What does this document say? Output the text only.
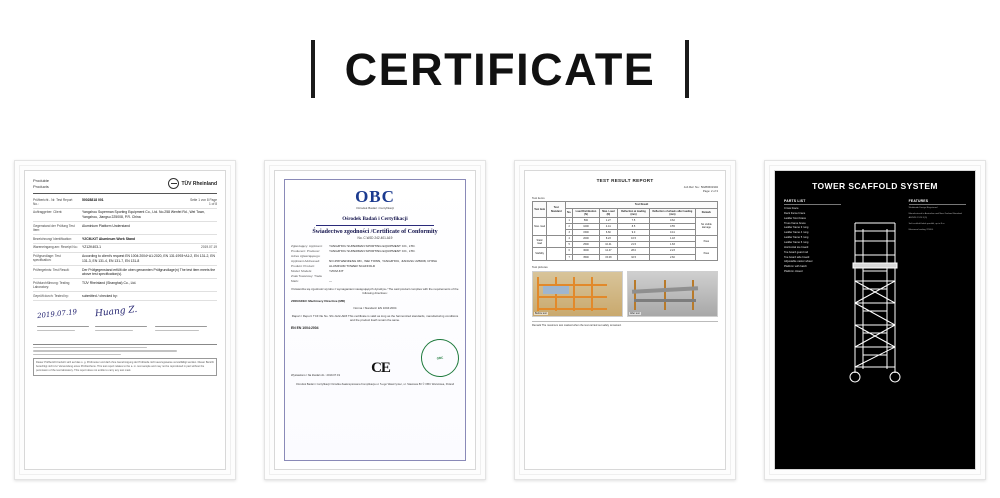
CERTIFICATE
Produkte
Products	TÜV Rheinland
Prüfbericht - Nr. Test Report No.:
50028818 001	Seite 1 von 8 Page 1 of 8
Auftraggeber: Client:	Yangzhou Superman Sporting Equipment Co., Ltd. No.258 Wenfei Rd., Wei Town, Yangzhou, Jiangsu 225008, P.R. China
Gegenstand der Prüfung Test Item:
Aluminium Platform Understand
Bezeichnung/ Identification:	Y2CM-KIT Aluminum Work Stand
Wareneingang am: Receipt No.: YZ12K403-1	2019.07.19
Prüfgrundlage: Test specification:
According to client's request EN 1004:2004+A1:2020, EN 131:1993+A1:2, EN 131-2, EN 131-3, EN 131-4, EN 131-7, EN 131-8
Prüfergebnis: Test Result:	Der Prüfgegenstand erfüllt die oben genannten Prüfgrundlage(n) The test item meets the above test specification(s).
Prüfdurchführung: Testing Laboratory:
TÜV Rheinland (Shanghai) Co., Ltd.
Geprüft durch: Tested by:	submitted / checked by:
2019.07.19 Huang Z.
Dieser Prüfbericht bezieht sich auf das o. g. Prüfmuster und darf ohne Genehmigung der Prüfstelle nicht auszugsweise vervielfältigt werden. Dieser Bericht berechtigt nicht zur Verwendung eines Prüfzeichens. This test report relates to the a. m. test sample and may not be reproduced in part without the permission of the test laboratory. This report does not entitle to carry any test mark.
OBC
Ośrodek Badań i Certyfikacji
Ośrodek Badań i Certyfikacji
Świadectwo zgodności /Certificate of Conformity
No. C.WJD 242.401.A19
Zgłaszający: Applicant: YANGZHOU SUPERMAN SPORTING EQUIPMENT CO., LTD.
Producent: Producer:	YANGZHOU SUPERMAN SPORTING EQUIPMENT CO., LTD.
Adres zgłaszającego: Applicant Addressed:	NO.258 WENFENG RD., WEI TOWN, YANGZHOU, JIANGSU 225008, CHINA
Produkt: Product:	ALUMINUM TOWER SCAFFOLD
Model: Models:	YZCM-KIT
Znak Towarowy: Trade Mark:	---
Potwierdza się zgodność wyrobu z wymaganiami następujących dyrektyw / The said product complies with the requirements of the following directives:
2006/42/EC Machinery Directive (MD)
Norma / Standard: EN 1004:2004
Raport / Report: TCF file No. SN-JL22-ARZ This certificate is valid as long as the harmonized standards, manufacturing conditions and the product itself remain the same.
EN EN 1004:2004
Wystawiono / Na Zwołań dn.: 2019.07.19 CE
OBC
Ośrodek Badań i Certyfikacji Ośrodka Zaakceptowana Komplikacja ul. 5-ego Wawrzyniec, ul. Stawowa 80 © OBC Warszawa, Poland
TEST RESULT REPORT
Job Ref. No.: 50280601904
Page: 2 of 3
Test items
Test item	Test Standard	Test Result					
		No.	Load Distribution (N)	Max. Load (N)	Deflection at loading (mm)	Deflection of wheels after loading (mm)	Remark
Max. load		1	500	1.27	7.5	0.62	No visible damage
		2	1000	4.41	8.5	0.55	
		3	1500	6.60	9.0	0.41	
Static load		4	2000	8.23	16.5	1.18	Pass
		5	2500	10.41	21.5	1.83	
Stability		6	3000	12.47	28.0	2.23	Pass
		7	3500	15.08	32.5	2.60	
Test pictures
Before test	After test
Remark The maximum test marked when the test carried out safely remained.
TOWER SCAFFOLD SYSTEM
PARTS LIST
Cross brace
Deck frame brace
Ladder front brace
Truss frame brace
Ladder frame 3 rung
Ladder frame 4 rung
Ladder frame 5 rung
Ladder frame 6 rung
Horizontal toe board
Toe board guard rail
Toe board side board
Adjustable castor wheel
Platform with hatch
Platform closed
FEATURES
Worldwide Design Registered
Manufactured to Australian and New Zealand Standard AS/NZS 1576.3 (5)
Soft scaffold holds parallel, up to 8 m
Maximum loading 225KG
